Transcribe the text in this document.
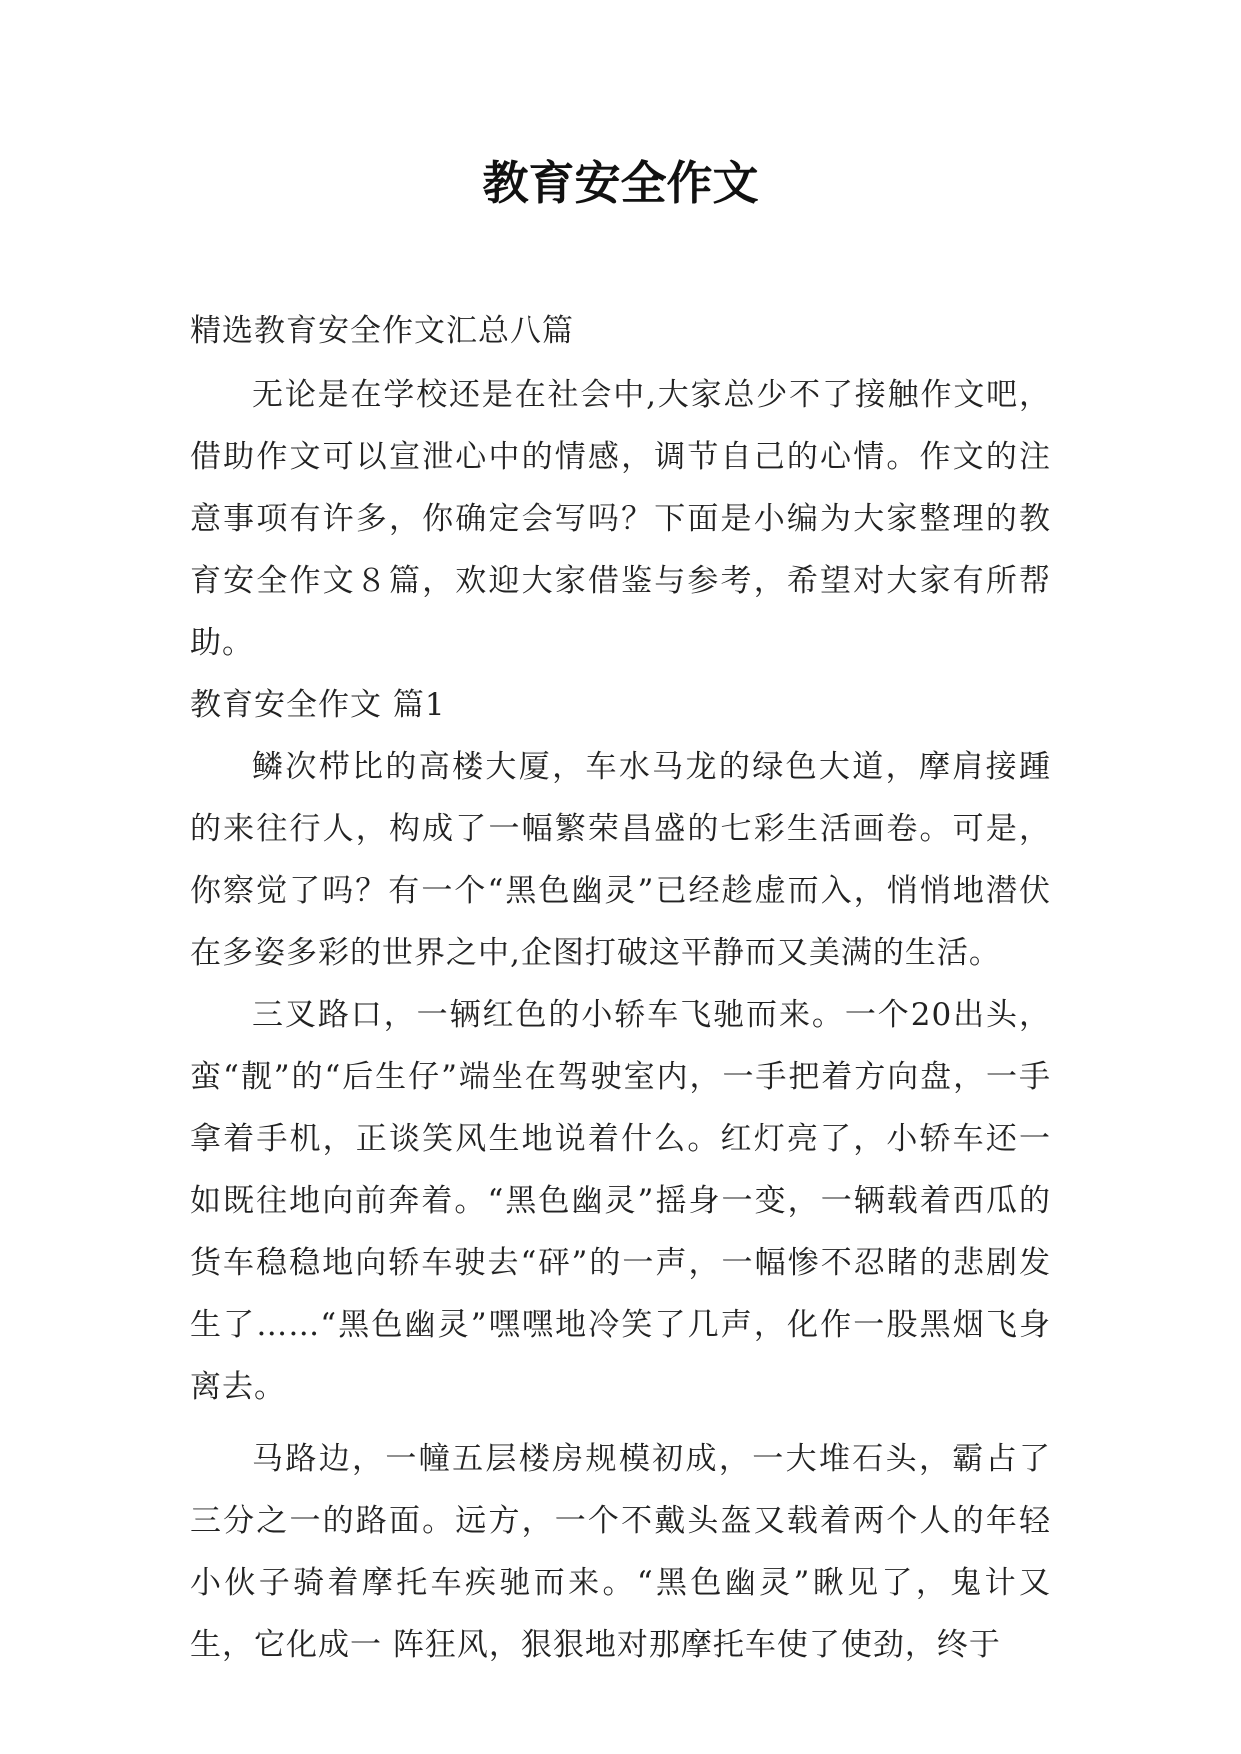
教育安全作文

精选教育安全作文汇总八篇

无论是在学校还是在社会中,大家总少不了接触作文吧，借助作文可以宣泄心中的情感，调节自己的心情。作文的注意事项有许多，你确定会写吗？下面是小编为大家整理的教育安全作文８篇，欢迎大家借鉴与参考，希望对大家有所帮助。

教育安全作文 篇1

鳞次栉比的高楼大厦，车水马龙的绿色大道，摩肩接踵的来往行人，构成了一幅繁荣昌盛的七彩生活画卷。可是，你察觉了吗？有一个“黑色幽灵”已经趁虚而入，悄悄地潜伏在多姿多彩的世界之中,企图打破这平静而又美满的生活。

三叉路口，一辆红色的小轿车飞驰而来。一个20出头，蛮“靓”的“后生仔”端坐在驾驶室内，一手把着方向盘，一手拿着手机，正谈笑风生地说着什么。红灯亮了，小轿车还一如既往地向前奔着。“黑色幽灵”摇身一变，一辆载着西瓜的货车稳稳地向轿车驶去“砰”的一声，一幅惨不忍睹的悲剧发生了……“黑色幽灵”嘿嘿地冷笑了几声，化作一股黑烟飞身离去。

马路边，一幢五层楼房规模初成，一大堆石头，霸占了三分之一的路面。远方，一个不戴头盔又载着两个人的年轻小伙子骑着摩托车疾驰而来。“黑色幽灵”瞅见了，鬼计又生，它化成一 阵狂风，狠狠地对那摩托车使了使劲，终于
